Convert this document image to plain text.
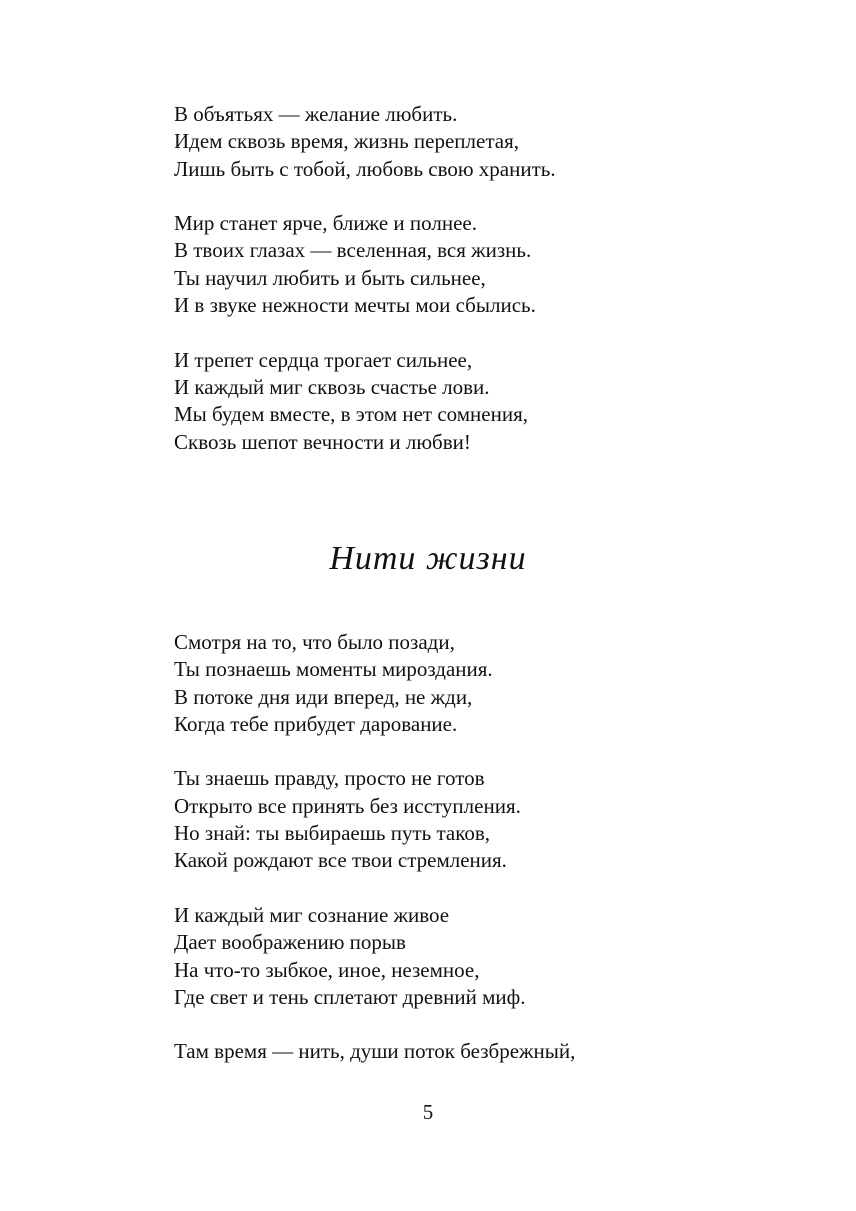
В объятьях — желание любить.
Идем сквозь время, жизнь переплетая,
Лишь быть с тобой, любовь свою хранить.
Мир станет ярче, ближе и полнее.
В твоих глазах — вселенная, вся жизнь.
Ты научил любить и быть сильнее,
И в звуке нежности мечты мои сбылись.
И трепет сердца трогает сильнее,
И каждый миг сквозь счастье лови.
Мы будем вместе, в этом нет сомнения,
Сквозь шепот вечности и любви!
Нити жизни
Смотря на то, что было позади,
Ты познаешь моменты мироздания.
В потоке дня иди вперед, не жди,
Когда тебе прибудет дарование.
Ты знаешь правду, просто не готов
Открыто все принять без исступления.
Но знай: ты выбираешь путь таков,
Какой рождают все твои стремления.
И каждый миг сознание живое
Дает воображению порыв
На что-то зыбкое, иное, неземное,
Где свет и тень сплетают древний миф.
Там время — нить, души поток безбрежный,
5
